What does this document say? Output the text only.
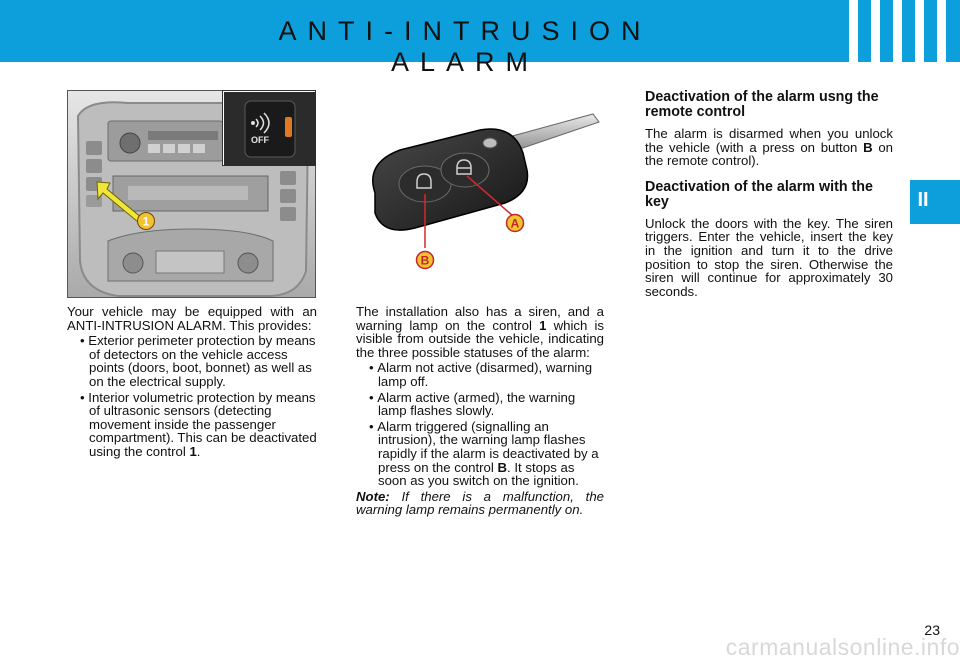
ANTI-INTRUSION ALARM
II
1
OFF
A
B

Your vehicle may be equipped with an ANTI-INTRUSION ALARM. This provides:

• Exterior perimeter protection by means of detectors on the vehicle access points (doors, boot, bonnet) as well as on the electrical supply.

• Interior volumetric protection by means of ultrasonic sensors (detecting movement inside the passenger compartment). This can be deactivated using the control 1.

The installation also has a siren, and a warning lamp on the control 1 which is visible from outside the vehicle, indicating the three possible statuses of the alarm:

• Alarm not active (disarmed), warning lamp off.

• Alarm active (armed), the warning lamp flashes slowly.

• Alarm triggered (signalling an intrusion), the warning lamp flashes rapidly if the alarm is deactivated by a press on the control B. It stops as soon as you switch on the ignition.

Note: If there is a malfunction, the warning lamp remains permanently on.

Deactivation of the alarm usng the remote control

The alarm is disarmed when you unlock the vehicle (with a press on button B on the remote control).

Deactivation of the alarm with the key

Unlock the doors with the key. The siren triggers. Enter the vehicle, insert the key in the ignition and turn it to the drive position to stop the siren. Otherwise the siren will continue for approximately 30 seconds.

23
carmanualsonline.info
